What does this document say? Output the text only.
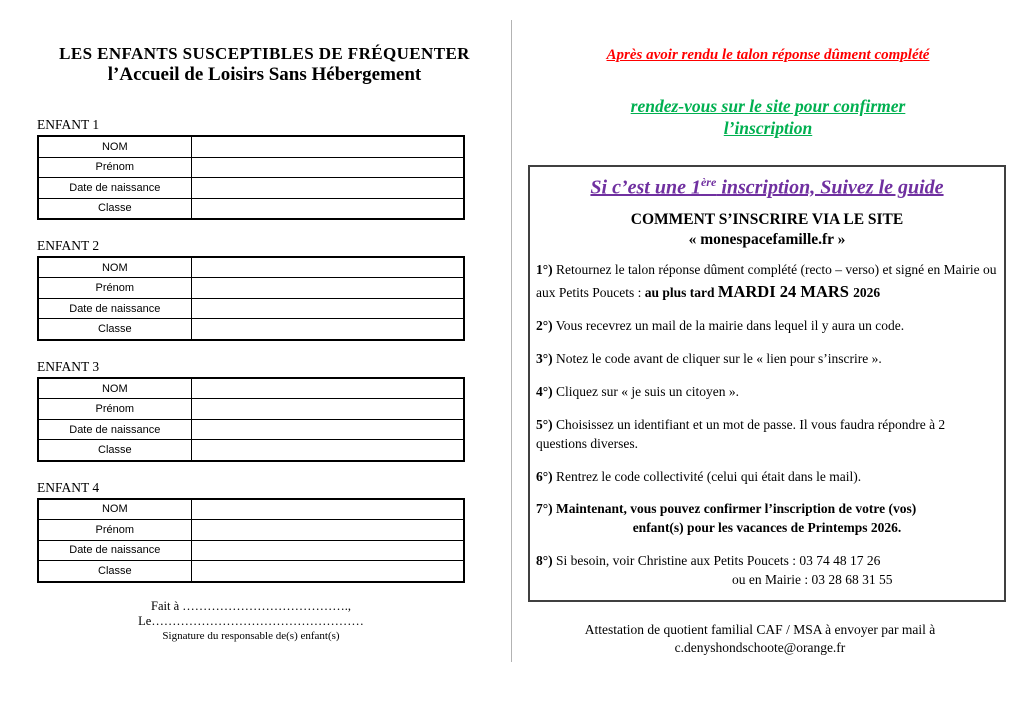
LES ENFANTS SUSCEPTIBLES DE FRÉQUENTER
l’Accueil de Loisirs Sans Hébergement
ENFANT 1
NOM	
Prénom	
Date de naissance	
Classe	
ENFANT 2
NOM	
Prénom	
Date de naissance	
Classe	
ENFANT 3
NOM	
Prénom	
Date de naissance	
Classe	
ENFANT 4
NOM	
Prénom	
Date de naissance	
Classe	
Fait à …………………………………., Le……………………………………………
Signature du responsable de(s) enfant(s)
Après avoir rendu le talon réponse dûment complété
rendez-vous sur le site pour confirmer
l’inscription
Si c’est une 1ère inscription, Suivez le guide
COMMENT S’INSCRIRE VIA LE SITE
« monespacefamille.fr »
1°) Retournez le talon réponse dûment complété (recto – verso) et signé en Mairie ou aux Petits Poucets : au plus tard MARDI 24 MARS 2026
2°) Vous recevrez un mail de la mairie dans lequel il y aura un code.
3°) Notez le code avant de cliquer sur le « lien pour s’inscrire ».
4°) Cliquez sur « je suis un citoyen ».
5°) Choisissez un identifiant et un mot de passe. Il vous faudra répondre à 2 questions diverses.
6°) Rentrez le code collectivité (celui qui était dans le mail).
7°) Maintenant, vous pouvez confirmer l’inscription de votre (vos)
enfant(s) pour les vacances de Printemps 2026.
8°) Si besoin, voir Christine aux Petits Poucets : 03 74 48 17 26
ou en Mairie : 03 28 68 31 55
Attestation de quotient familial CAF / MSA à envoyer par mail à
c.denyshondschoote@orange.fr
